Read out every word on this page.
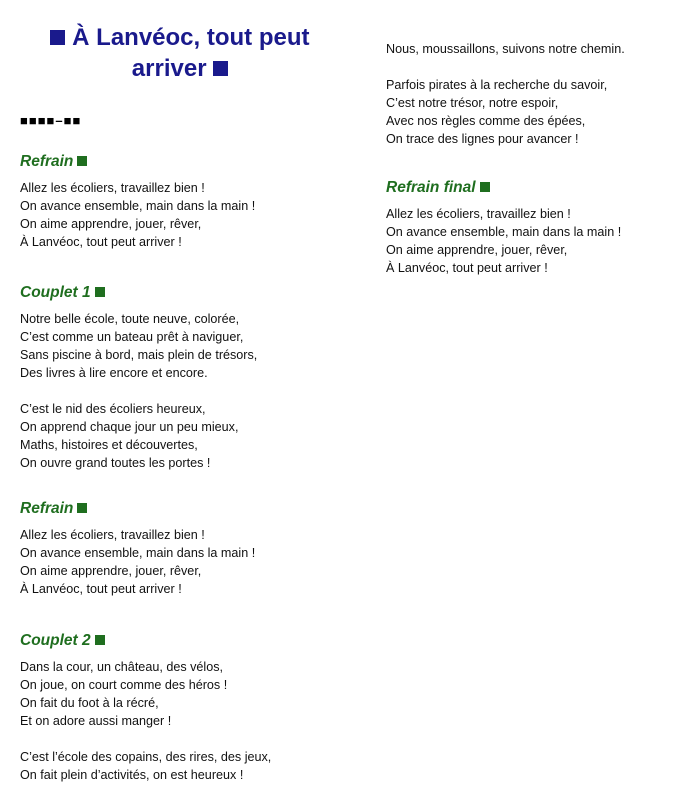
À Lanvéoc, tout peut
arriver
■■■■–■■
Refrain
Allez les écoliers, travaillez bien !
On avance ensemble, main dans la main !
On aime apprendre, jouer, rêver,
À Lanvéoc, tout peut arriver !
Couplet 1
Notre belle école, toute neuve, colorée,
C’est comme un bateau prêt à naviguer,
Sans piscine à bord, mais plein de trésors,
Des livres à lire encore et encore.
C’est le nid des écoliers heureux,
On apprend chaque jour un peu mieux,
Maths, histoires et découvertes,
On ouvre grand toutes les portes !
Refrain
Allez les écoliers, travaillez bien !
On avance ensemble, main dans la main !
On aime apprendre, jouer, rêver,
À Lanvéoc, tout peut arriver !
Couplet 2
Dans la cour, un château, des vélos,
On joue, on court comme des héros !
On fait du foot à la récré,
Et on adore aussi manger !
C’est l’école des copains, des rires, des jeux,
On fait plein d’activités, on est heureux !
Nous, moussaillons, suivons notre chemin.
Parfois pirates à la recherche du savoir,
C’est notre trésor, notre espoir,
Avec nos règles comme des épées,
On trace des lignes pour avancer !
Refrain final
Allez les écoliers, travaillez bien !
On avance ensemble, main dans la main !
On aime apprendre, jouer, rêver,
À Lanvéoc, tout peut arriver !
